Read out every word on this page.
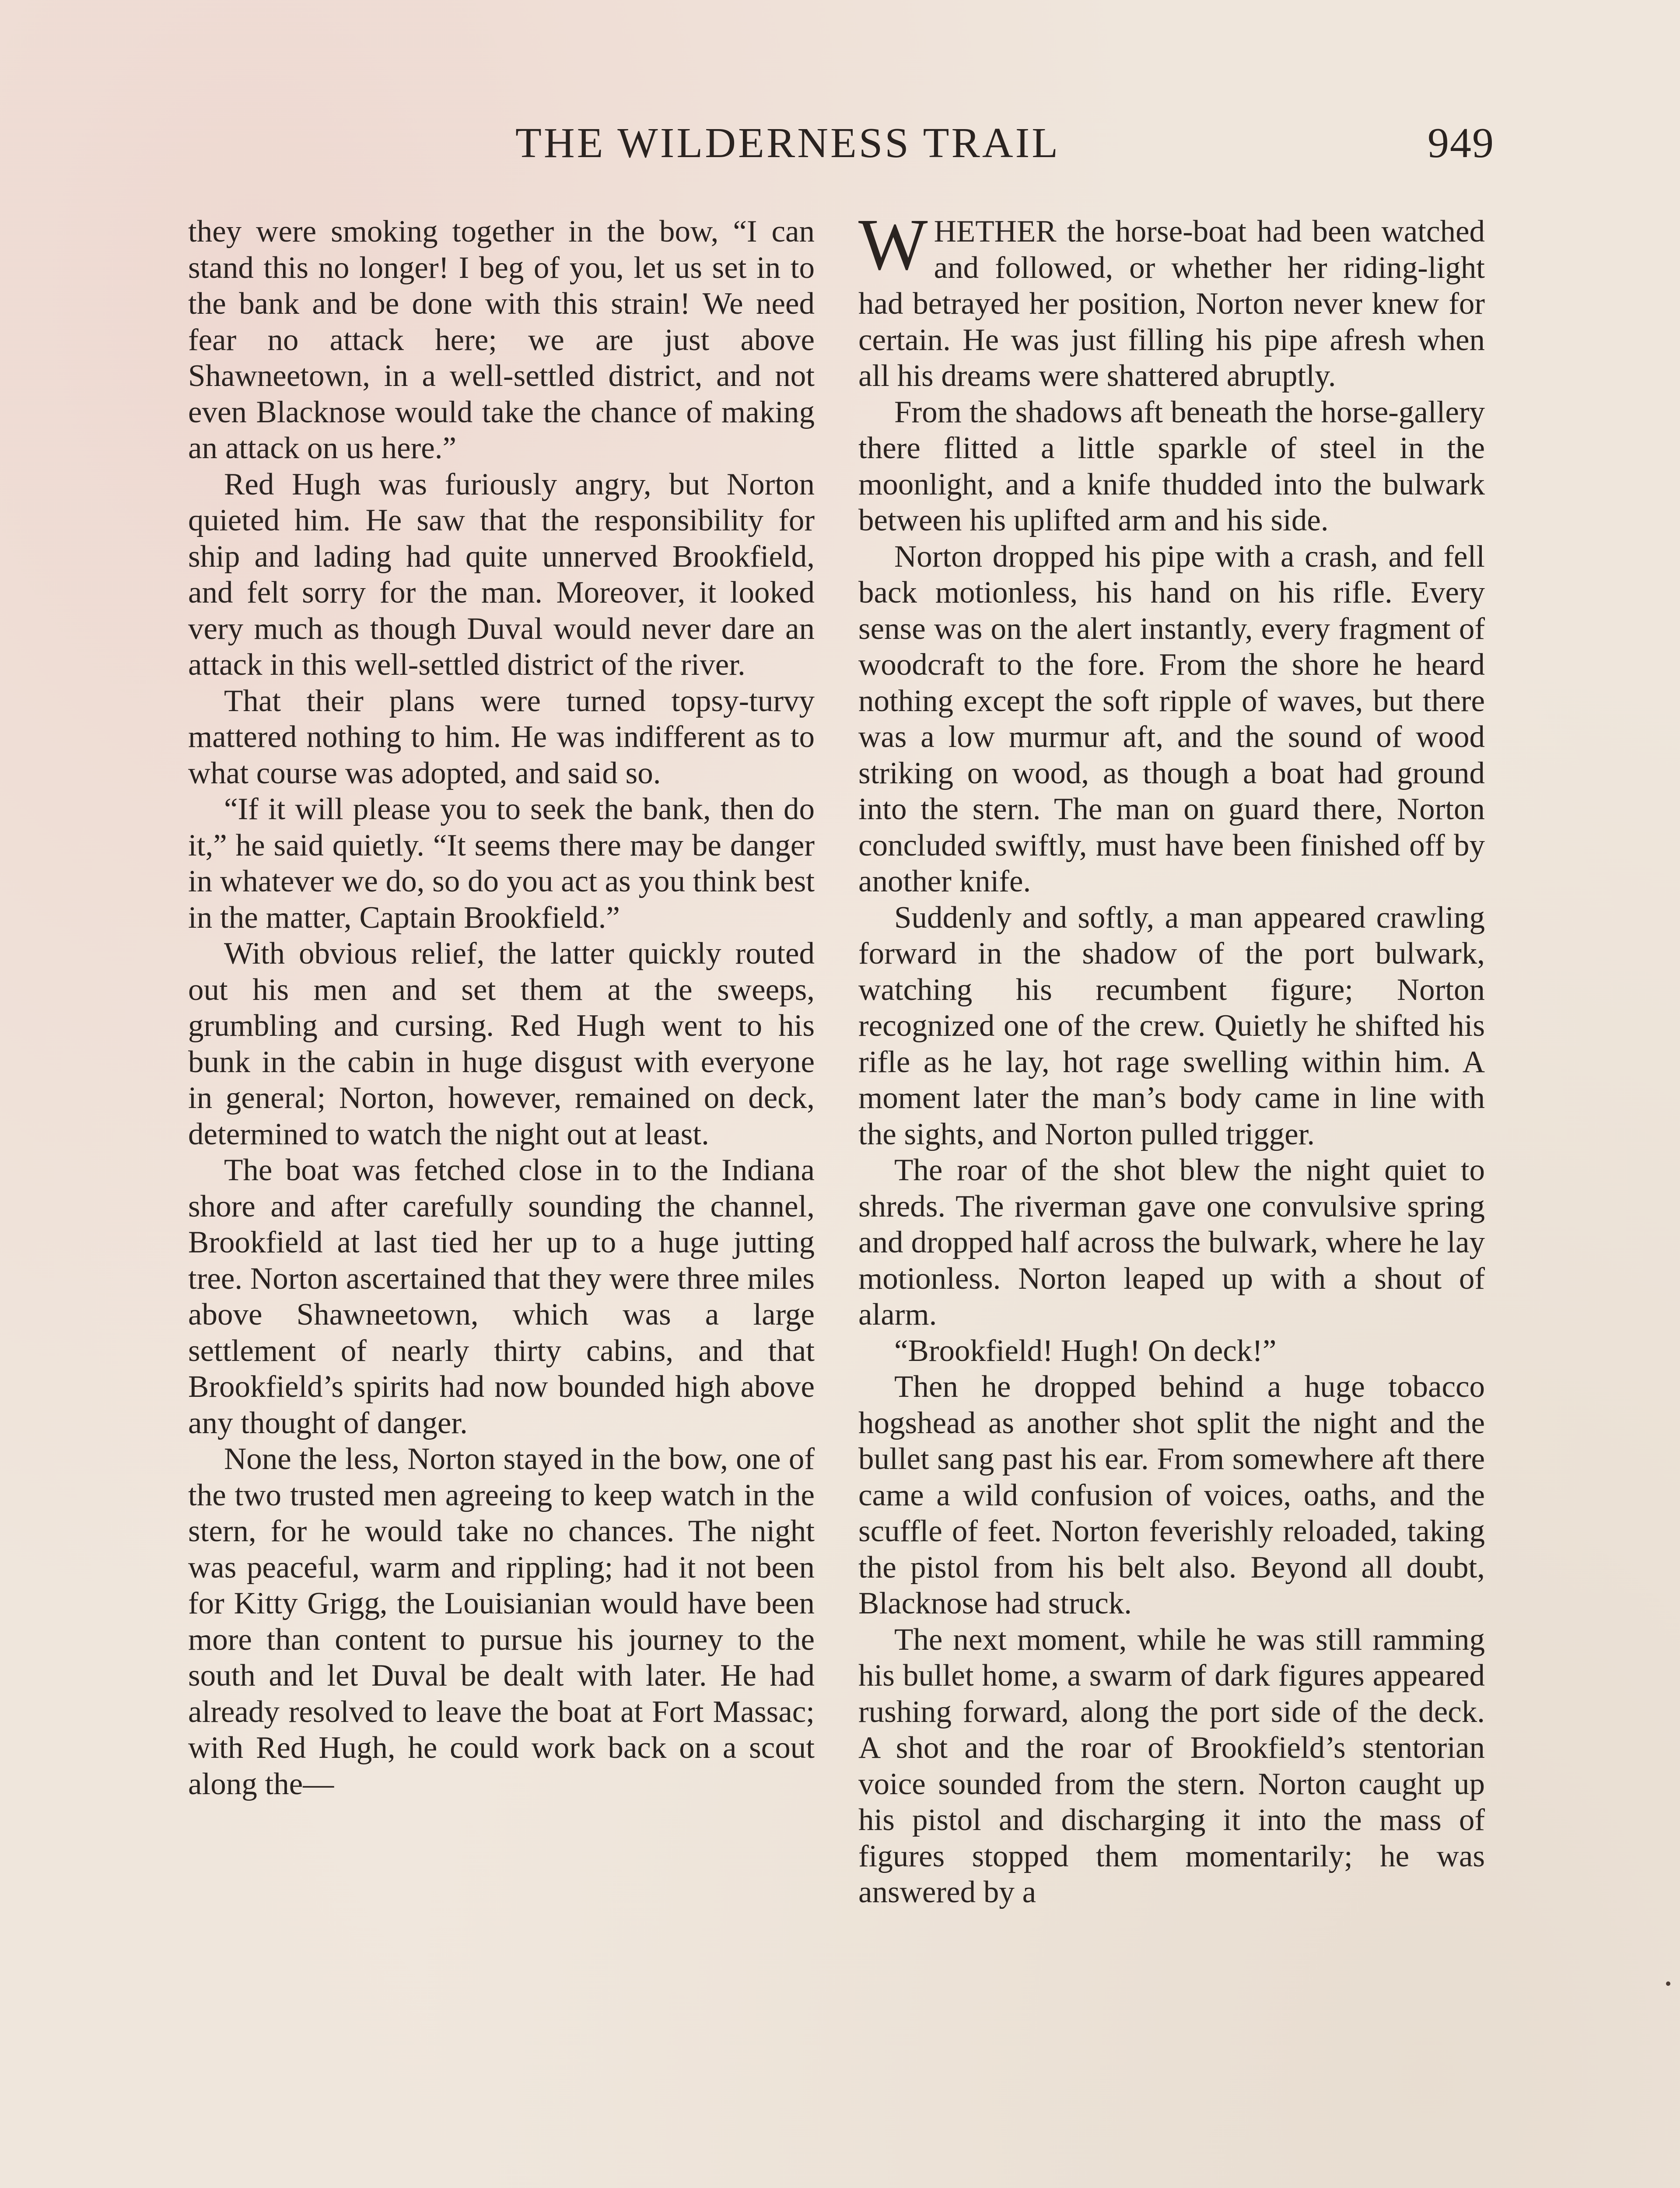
THE WILDERNESS TRAIL	949

they were smoking together in the bow, “I can stand this no longer! I beg of you, let us set in to the bank and be done with this strain! We need fear no attack here; we are just above Shawneetown, in a well-settled district, and not even Blacknose would take the chance of making an attack on us here.”

Red Hugh was furiously angry, but Norton quieted him. He saw that the responsibility for ship and lading had quite unnerved Brookfield, and felt sorry for the man. Moreover, it looked very much as though Duval would never dare an attack in this well-settled district of the river.

That their plans were turned topsy-turvy mattered nothing to him. He was indifferent as to what course was adopted, and said so.

“If it will please you to seek the bank, then do it,” he said quietly. “It seems there may be danger in whatever we do, so do you act as you think best in the matter, Captain Brookfield.”

With obvious relief, the latter quickly routed out his men and set them at the sweeps, grumbling and cursing. Red Hugh went to his bunk in the cabin in huge disgust with everyone in general; Norton, however, remained on deck, determined to watch the night out at least.

The boat was fetched close in to the Indiana shore and after carefully sounding the channel, Brookfield at last tied her up to a huge jutting tree. Norton ascertained that they were three miles above Shawneetown, which was a large settlement of nearly thirty cabins, and that Brookfield’s spirits had now bounded high above any thought of danger.

None the less, Norton stayed in the bow, one of the two trusted men agreeing to keep watch in the stern, for he would take no chances. The night was peaceful, warm and rippling; had it not been for Kitty Grigg, the Louisianian would have been more than content to pursue his journey to the south and let Duval be dealt with later. He had already resolved to leave the boat at Fort Massac; with Red Hugh, he could work back on a scout along the—

WHETHER the horse-boat had been watched and followed, or whether her riding-light had betrayed her position, Norton never knew for certain. He was just filling his pipe afresh when all his dreams were shattered abruptly.

From the shadows aft beneath the horse-gallery there flitted a little sparkle of steel in the moonlight, and a knife thudded into the bulwark between his uplifted arm and his side.

Norton dropped his pipe with a crash, and fell back motionless, his hand on his rifle. Every sense was on the alert instantly, every fragment of woodcraft to the fore. From the shore he heard nothing except the soft ripple of waves, but there was a low murmur aft, and the sound of wood striking on wood, as though a boat had ground into the stern. The man on guard there, Norton concluded swiftly, must have been finished off by another knife.

Suddenly and softly, a man appeared crawling forward in the shadow of the port bulwark, watching his recumbent figure; Norton recognized one of the crew. Quietly he shifted his rifle as he lay, hot rage swelling within him. A moment later the man’s body came in line with the sights, and Norton pulled trigger.

The roar of the shot blew the night quiet to shreds. The riverman gave one convulsive spring and dropped half across the bulwark, where he lay motionless. Norton leaped up with a shout of alarm.

“Brookfield! Hugh! On deck!”

Then he dropped behind a huge tobacco hogshead as another shot split the night and the bullet sang past his ear. From somewhere aft there came a wild confusion of voices, oaths, and the scuffle of feet. Norton feverishly reloaded, taking the pistol from his belt also. Beyond all doubt, Blacknose had struck.

The next moment, while he was still ramming his bullet home, a swarm of dark figures appeared rushing forward, along the port side of the deck. A shot and the roar of Brookfield’s stentorian voice sounded from the stern. Norton caught up his pistol and discharging it into the mass of figures stopped them momentarily; he was answered by a
